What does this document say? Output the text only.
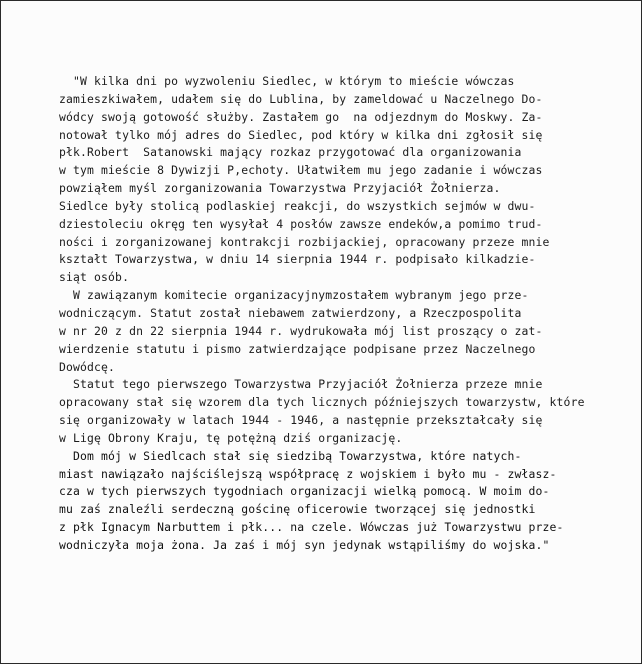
"W kilka dni po wyzwoleniu Siedlec, w którym to mieście wówczas
zamieszkiwałem, udałem się do Lublina, by zameldować u Naczelnego Do-
wódcy swoją gotowość służby. Zastałem go  na odjezdnym do Moskwy. Za-
notował tylko mój adres do Siedlec, pod który w kilka dni zgłosił się
płk.Robert  Satanowski mający rozkaz przygotować dla organizowania
w tym mieście 8 Dywizji P,echoty. Ułatwiłem mu jego zadanie i wówczas
powziąłem myśl zorganizowania Towarzystwa Przyjaciół Żołnierza.
Siedlce były stolicą podlaskiej reakcji, do wszystkich sejmów w dwu-
dziestoleciu okręg ten wysyłał 4 posłów zawsze endeków,a pomimo trud-
ności i zorganizowanej kontrakcji rozbijackiej, opracowany przeze mnie
kształt Towarzystwa, w dniu 14 sierpnia 1944 r. podpisało kilkadzie-
siąt osób.
W zawiązanym komitecie organizacyjnymzostałem wybranym jego prze-
wodniczącym. Statut został niebawem zatwierdzony, a Rzeczpospolita
w nr 20 z dn 22 sierpnia 1944 r. wydrukowała mój list proszący o zat-
wierdzenie statutu i pismo zatwierdzające podpisane przez Naczelnego
Dowódcę.
Statut tego pierwszego Towarzystwa Przyjaciół Żołnierza przeze mnie
opracowany stał się wzorem dla tych licznych późniejszych towarzystw, które
się organizowały w latach 1944 - 1946, a następnie przekształcały się
w Ligę Obrony Kraju, tę potężną dziś organizację.
Dom mój w Siedlcach stał się siedzibą Towarzystwa, które natych-
miast nawiązało najściślejszą współpracę z wojskiem i było mu - zwłasz-
cza w tych pierwszych tygodniach organizacji wielką pomocą. W moim do-
mu zaś znaleźli serdeczną gościnę oficerowie tworzącej się jednostki
z płk Ignacym Narbuttem i płk... na czele. Wówczas już Towarzystwu prze-
wodniczyła moja żona. Ja zaś i mój syn jedynak wstąpiliśmy do wojska."
